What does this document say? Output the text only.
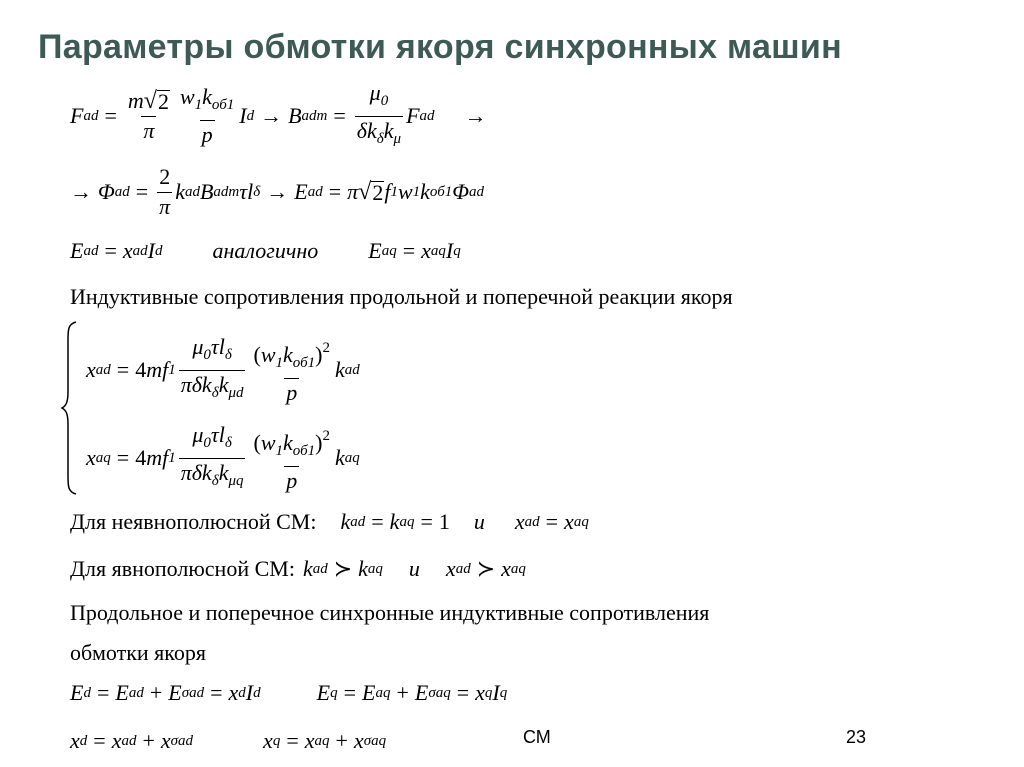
Параметры обмотки якоря синхронных машин
F ad = $\frac{m √ 2}{\pi} \frac{w_1k_{об1}}{p}$ I d → B adm = $\frac{\mu_0}{\delta k_\delta k_\mu}$ F ad →
→ Φ ad = $\frac{2}{\pi}$ k ad B adm τl δ → E ad = π √ 2 f 1 w 1 k об1 Φ ad
E ad = x ad I d аналогично E aq = x aq I q
Индуктивные сопротивления продольной и поперечной реакции якоря
x ad = 4 mf $1 \frac{\mu_0\tau l_\delta}{\pi\delta k_\delta k_{\mu d}} \frac{(w_1k_{об1})^2}{p}$ k ad
x aq = 4 mf $1 \frac{\mu_0\tau l_\delta}{\pi\delta k_\delta k_{\mu q}} \frac{(w_1k_{об1})^2}{p}$ k aq
Для неявнополюсной СМ: k ad = k aq = 1 и x ad = x aq
Для явнополюсной СМ: k ad ≻ k aq и x ad ≻ x aq
Продольное и поперечное синхронные индуктивные сопротивления
обмотки якоря
E d = E ad + E σad = x d I d	E q = E aq + E σaq = x q I q
x d = x ad + x σad	x q = x aq + x σaq	СМ	23
